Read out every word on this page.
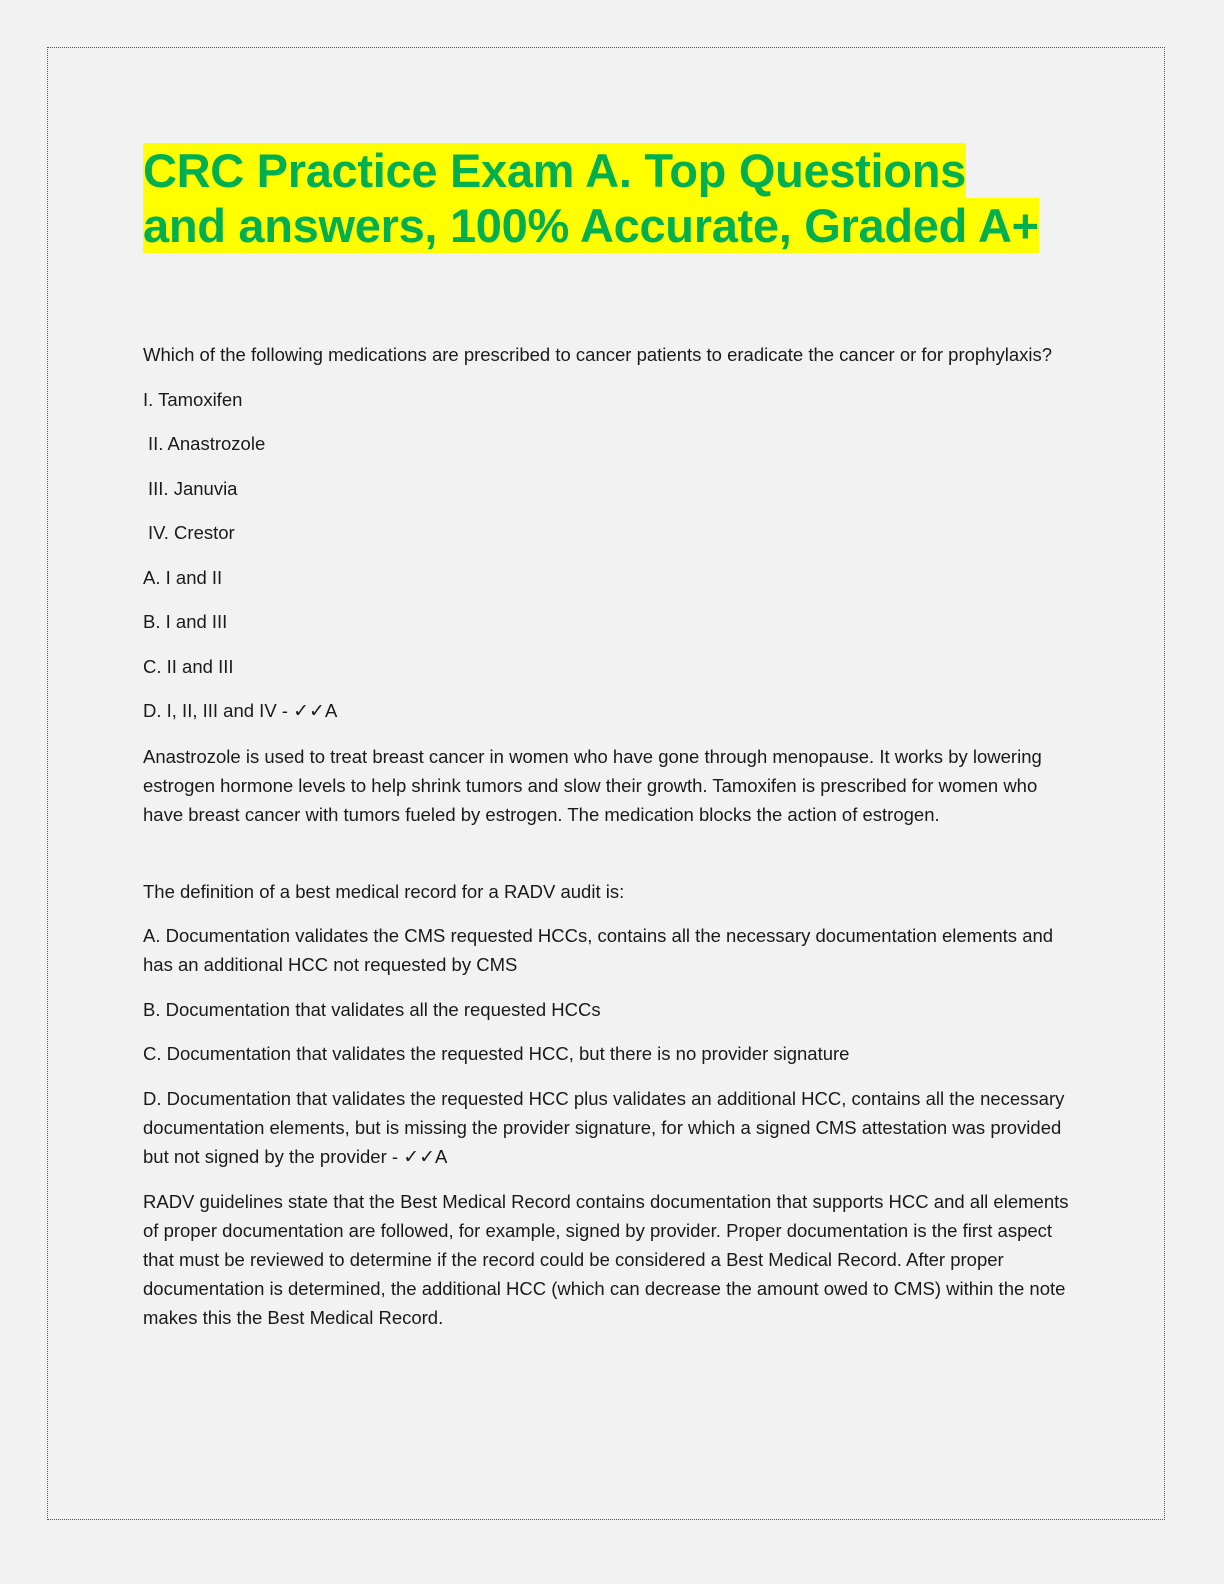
CRC Practice Exam A. Top Questions
and answers, 100% Accurate, Graded A+

Which of the following medications are prescribed to cancer patients to eradicate the cancer or for prophylaxis?

I. Tamoxifen

II. Anastrozole

III. Januvia

IV. Crestor

A. I and II

B. I and III

C. II and III

D. I, II, III and IV - ✓✓A

Anastrozole is used to treat breast cancer in women who have gone through menopause. It works by lowering estrogen hormone levels to help shrink tumors and slow their growth. Tamoxifen is prescribed for women who have breast cancer with tumors fueled by estrogen. The medication blocks the action of estrogen.

The definition of a best medical record for a RADV audit is:

A. Documentation validates the CMS requested HCCs, contains all the necessary documentation elements and has an additional HCC not requested by CMS

B. Documentation that validates all the requested HCCs

C. Documentation that validates the requested HCC, but there is no provider signature

D. Documentation that validates the requested HCC plus validates an additional HCC, contains all the necessary documentation elements, but is missing the provider signature, for which a signed CMS attestation was provided but not signed by the provider - ✓✓A

RADV guidelines state that the Best Medical Record contains documentation that supports HCC and all elements of proper documentation are followed, for example, signed by provider. Proper documentation is the first aspect that must be reviewed to determine if the record could be considered a Best Medical Record. After proper documentation is determined, the additional HCC (which can decrease the amount owed to CMS) within the note makes this the Best Medical Record.
